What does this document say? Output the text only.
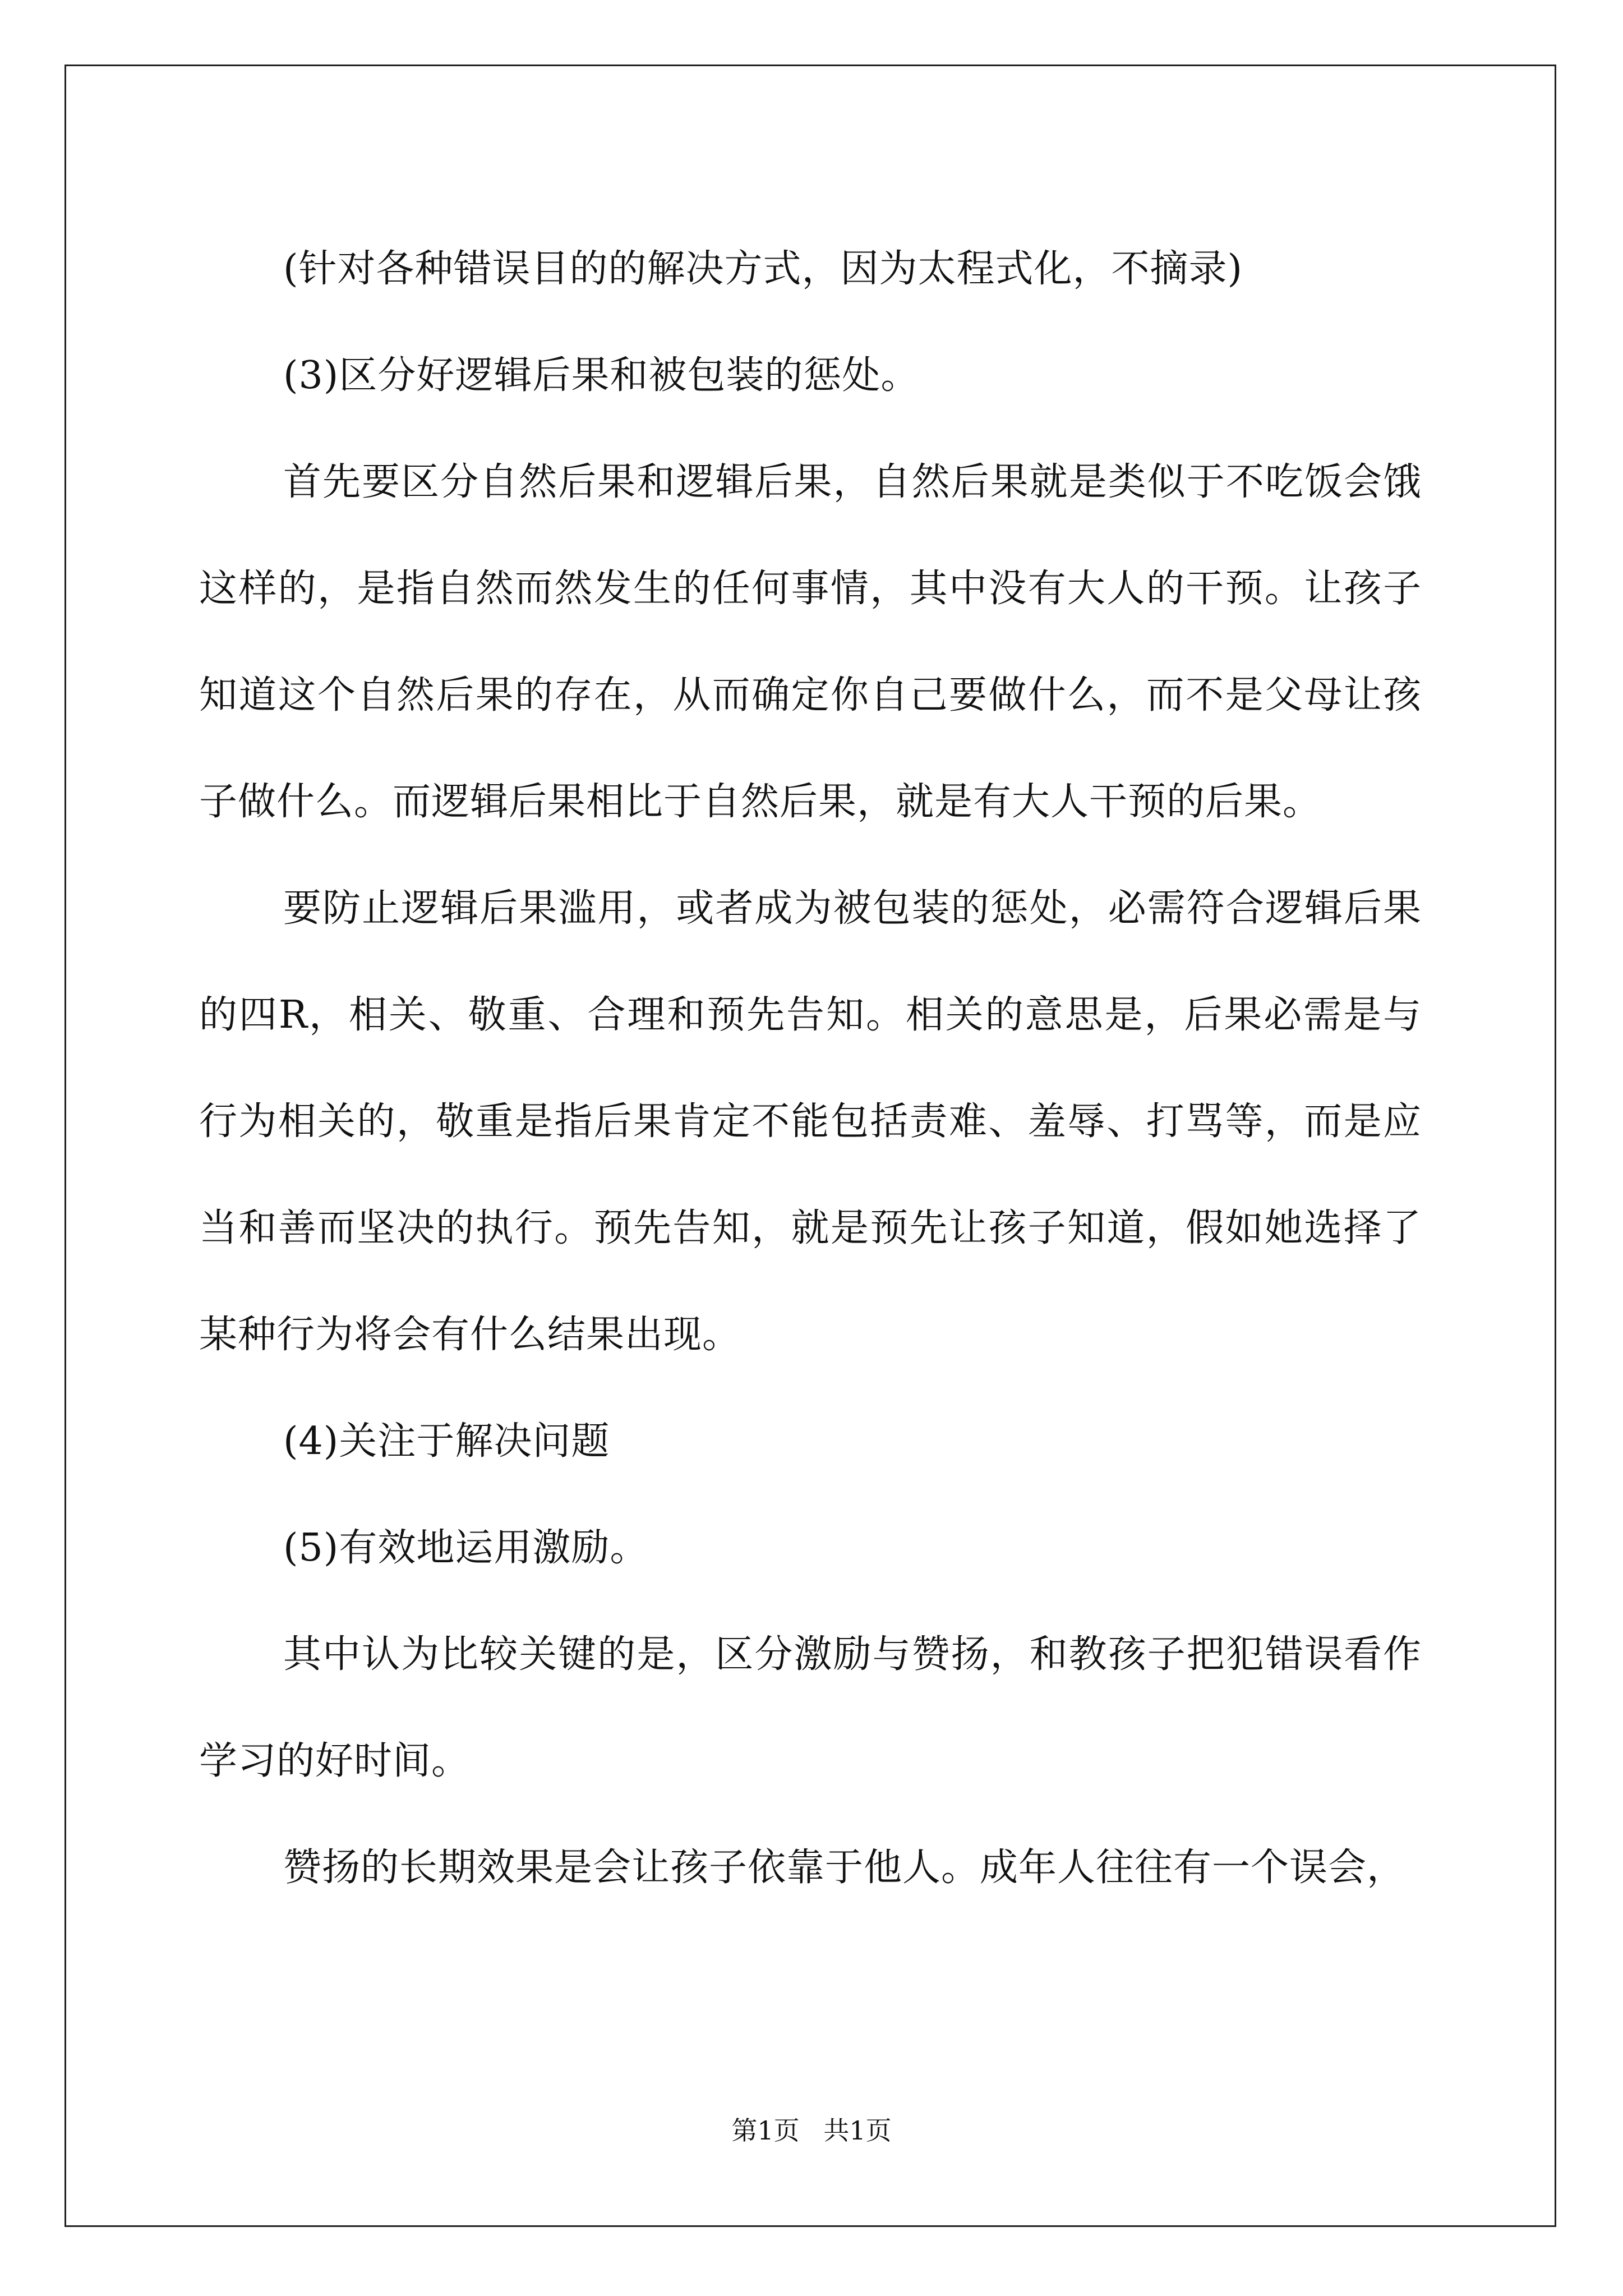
(针对各种错误目的的解决方式，因为太程式化，不摘录)

(3)区分好逻辑后果和被包装的惩处。

首先要区分自然后果和逻辑后果，自然后果就是类似于不吃饭会饿这样的，是指自然而然发生的任何事情，其中没有大人的干预。让孩子知道这个自然后果的存在，从而确定你自己要做什么，而不是父母让孩子做什么。而逻辑后果相比于自然后果，就是有大人干预的后果。

要防止逻辑后果滥用，或者成为被包装的惩处，必需符合逻辑后果的四R，相关、敬重、合理和预先告知。相关的意思是，后果必需是与行为相关的，敬重是指后果肯定不能包括责难、羞辱、打骂等，而是应当和善而坚决的执行。预先告知，就是预先让孩子知道，假如她选择了某种行为将会有什么结果出现。

(4)关注于解决问题

(5)有效地运用激励。

其中认为比较关键的是，区分激励与赞扬，和教孩子把犯错误看作学习的好时间。

赞扬的长期效果是会让孩子依靠于他人。成年人往往有一个误会，

第1页 共1页
